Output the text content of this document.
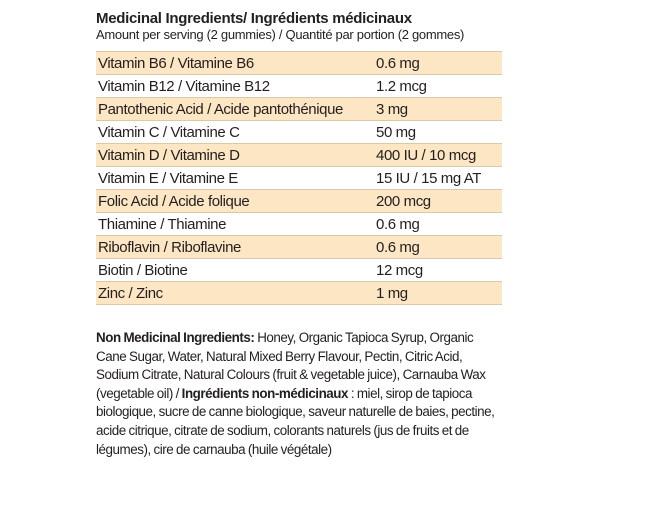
Medicinal Ingredients/ Ingrédients médicinaux
Amount per serving (2 gummies) / Quantité par portion (2 gommes)
Vitamin B6 / Vitamine B6	0.6 mg
Vitamin B12 / Vitamine B12	1.2 mcg
Pantothenic Acid / Acide pantothénique	3 mg
Vitamin C / Vitamine C	50 mg
Vitamin D / Vitamine D	400 IU / 10 mcg
Vitamin E / Vitamine E	15 IU / 15 mg AT
Folic Acid / Acide folique	200 mcg
Thiamine / Thiamine	0.6 mg
Riboflavin / Riboflavine	0.6 mg
Biotin / Biotine	12 mcg
Zinc / Zinc	1 mg
Non Medicinal Ingredients: Honey, Organic Tapioca Syrup, Organic Cane Sugar, Water, Natural Mixed Berry Flavour, Pectin, Citric Acid, Sodium Citrate, Natural Colours (fruit & vegetable juice), Carnauba Wax (vegetable oil) / Ingrédients non-médicinaux : miel, sirop de tapioca biologique, sucre de canne biologique, saveur naturelle de baies, pectine, acide citrique, citrate de sodium, colorants naturels (jus de fruits et de légumes), cire de carnauba (huile végétale)
